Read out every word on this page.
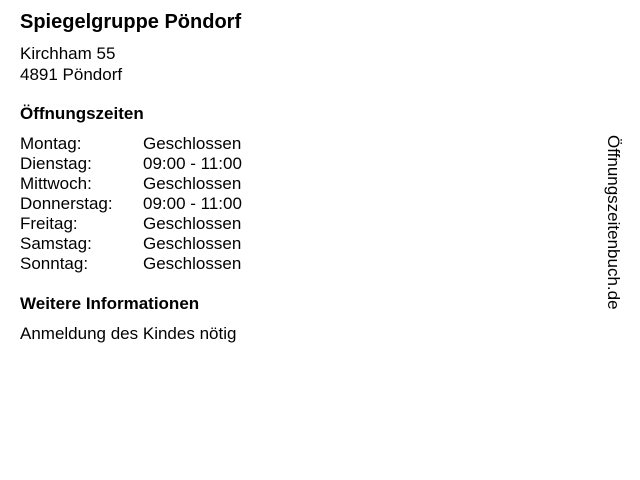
Spiegelgruppe Pöndorf
Kirchham 55
4891 Pöndorf
Öffnungszeiten
Montag:	Geschlossen
Dienstag:	09:00 - 11:00
Mittwoch:	Geschlossen
Donnerstag:	09:00 - 11:00
Freitag:	Geschlossen
Samstag:	Geschlossen
Sonntag:	Geschlossen
Weitere Informationen
Anmeldung des Kindes nötig
Öffnungszeitenbuch.de
